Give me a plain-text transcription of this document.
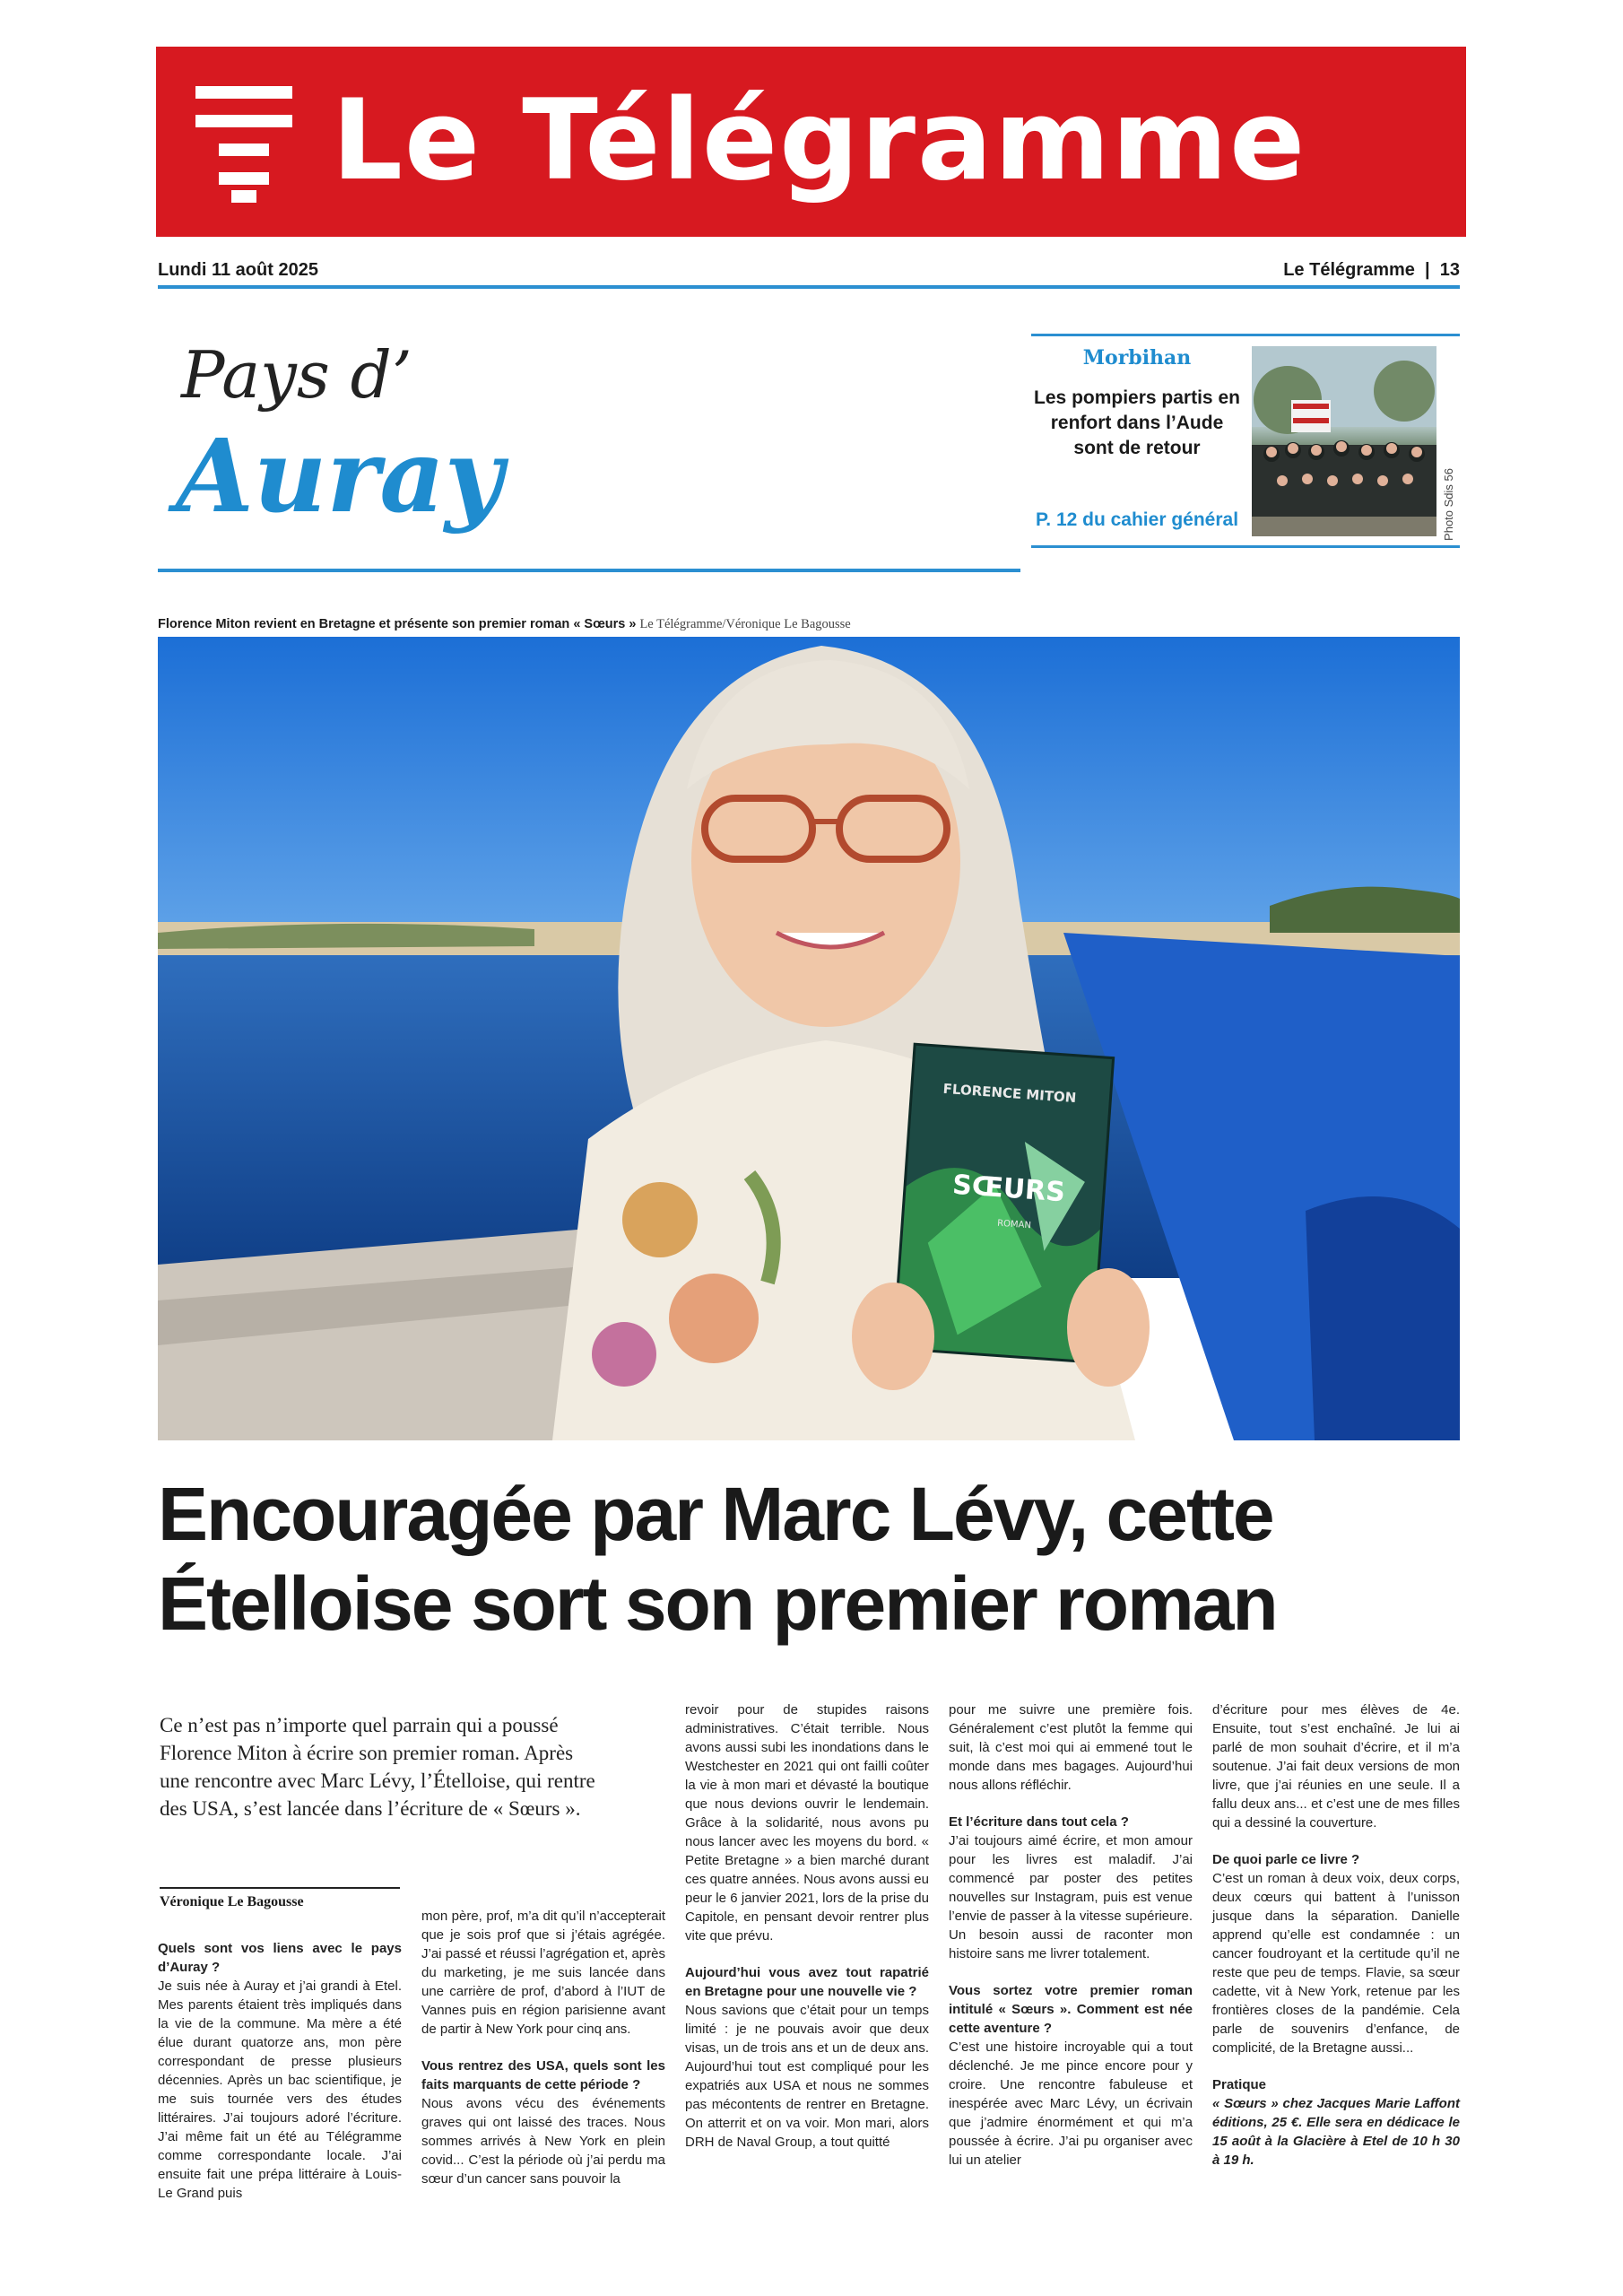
Le Télégramme
Lundi 11 août 2025	Le Télégramme  |  13
Pays d’
Auray
Morbihan
Les pompiers partis en renfort dans l’Aude sont de retour
P. 12 du cahier général	Photo Sdis 56
Florence Miton revient en Bretagne et présente son premier roman « Sœurs » Le Télégramme/Véronique Le Bagousse
FLORENCE MITON
SŒURS
ROMAN
Encouragée par Marc Lévy, cette Ételloise sort son premier roman
Ce n’est pas n’importe quel parrain qui a poussé Florence Miton à écrire son premier roman. Après une rencontre avec Marc Lévy, l’Ételloise, qui rentre des USA, s’est lancée dans l’écriture de « Sœurs ».
Véronique Le Bagousse

Quels sont vos liens avec le pays d’Auray ?

Je suis née à Auray et j’ai grandi à Etel. Mes parents étaient très impliqués dans la vie de la commune. Ma mère a été élue durant quatorze ans, mon père correspondant de presse plusieurs décennies. Après un bac scientifique, je me suis tournée vers des études littéraires. J’ai toujours adoré l’écriture. J’ai même fait un été au Télégramme comme correspondante locale. J’ai ensuite fait une prépa littéraire à Louis-Le Grand puis

mon père, prof, m’a dit qu’il n’accepterait que je sois prof que si j’étais agrégée. J’ai passé et réussi l’agrégation et, après du marketing, je me suis lancée dans une carrière de prof, d’abord à l’IUT de Vannes puis en région parisienne avant de partir à New York pour cinq ans.

Vous rentrez des USA, quels sont les faits marquants de cette période ?

Nous avons vécu des événements graves qui ont laissé des traces. Nous sommes arrivés à New York en plein covid... C’est la période où j’ai perdu ma sœur d’un cancer sans pouvoir la

revoir pour de stupides raisons administratives. C’était terrible. Nous avons aussi subi les inondations dans le Westchester en 2021 qui ont failli coûter la vie à mon mari et dévasté la boutique que nous devions ouvrir le lendemain. Grâce à la solidarité, nous avons pu nous lancer avec les moyens du bord. « Petite Bretagne » a bien marché durant ces quatre années. Nous avons aussi eu peur le 6 janvier 2021, lors de la prise du Capitole, en pensant devoir rentrer plus vite que prévu.

Aujourd’hui vous avez tout rapatrié en Bretagne pour une nouvelle vie ?

Nous savions que c’était pour un temps limité : je ne pouvais avoir que deux visas, un de trois ans et un de deux ans. Aujourd’hui tout est compliqué pour les expatriés aux USA et nous ne sommes pas mécontents de rentrer en Bretagne. On atterrit et on va voir. Mon mari, alors DRH de Naval Group, a tout quitté

pour me suivre une première fois. Généralement c’est plutôt la femme qui suit, là c’est moi qui ai emmené tout le monde dans mes bagages. Aujourd’hui nous allons réfléchir.

Et l’écriture dans tout cela ?

J’ai toujours aimé écrire, et mon amour pour les livres est maladif. J’ai commencé par poster des petites nouvelles sur Instagram, puis est venue l’envie de passer à la vitesse supérieure. Un besoin aussi de raconter mon histoire sans me livrer totalement.

Vous sortez votre premier roman intitulé « Sœurs ». Comment est née cette aventure ?

C’est une histoire incroyable qui a tout déclenché. Je me pince encore pour y croire. Une rencontre fabuleuse et inespérée avec Marc Lévy, un écrivain que j’admire énormément et qui m’a poussée à écrire. J’ai pu organiser avec lui un atelier

d’écriture pour mes élèves de 4e. Ensuite, tout s’est enchaîné. Je lui ai parlé de mon souhait d’écrire, et il m’a soutenue. J’ai fait deux versions de mon livre, que j’ai réunies en une seule. Il a fallu deux ans... et c’est une de mes filles qui a dessiné la couverture.

De quoi parle ce livre ?

C’est un roman à deux voix, deux corps, deux cœurs qui battent à l’unisson jusque dans la séparation. Danielle apprend qu’elle est condamnée : un cancer foudroyant et la certitude qu’il ne reste que peu de temps. Flavie, sa sœur cadette, vit à New York, retenue par les frontières closes de la pandémie. Cela parle de souvenirs d’enfance, de complicité, de la Bretagne aussi...

Pratique

« Sœurs » chez Jacques Marie Laffont éditions, 25 €. Elle sera en dédicace le 15 août à la Glacière à Etel de 10 h 30 à 19 h.
